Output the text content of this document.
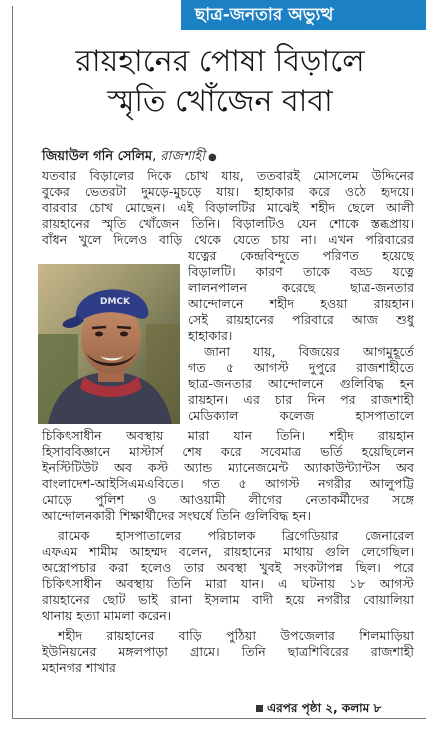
ছাত্র-জনতার অভ্যুত্থ
রায়হানের পোষা বিড়ালে
স্মৃতি খোঁজেন বাবা
জিয়াউল গনি সেলিম, রাজশাহী ●
DMCK
যতবার বিড়ালের দিকে চোখ যায়, ততবারই মোসলেম উদ্দিনের
বুকের ভেতরটা দুমড়ে-মুচড়ে যায়। হাহাকার করে ওঠে হৃদয়ে।
বারবার চোখ মোছেন। এই বিড়ালটির মাঝেই শহীদ ছেলে আলী
রায়হানের স্মৃতি খোঁজেন তিনি। বিড়ালটিও যেন শোকে স্তব্ধপ্রায়।
বাঁধন খুলে দিলেও বাড়ি থেকে যেতে চায় না। এখন পরিবারের
যত্নের কেন্দ্রবিন্দুতে পরিণত হয়েছে
বিড়ালটি। কারণ তাকে বড্ড যত্নে
লালনপালন করেছে ছাত্র-জনতার
আন্দোলনে শহীদ হওয়া রায়হান।
সেই রায়হানের পরিবারে আজ শুধু
হাহাকার।
জানা যায়, বিজয়ের আগমুহূর্তে
গত ৫ আগস্ট দুপুরে রাজশাহীতে
ছাত্র-জনতার আন্দোলনে গুলিবিদ্ধ হন
রায়হান। এর চার দিন পর রাজশাহী
মেডিক্যাল কলেজ হাসপাতালে
চিকিৎসাধীন অবস্থায় মারা যান তিনি। শহীদ রায়হান
হিসাববিজ্ঞানে মাস্টার্স শেষ করে সবেমাত্র ভর্তি হয়েছিলেন
ইনস্টিটিউট অব কস্ট অ্যান্ড ম্যানেজমেন্ট অ্যাকাউন্ট্যান্টস অব
বাংলাদেশ-আইসিএমএবিতে। গত ৫ আগস্ট নগরীর আলুপট্টি
মোড়ে পুলিশ ও আওয়ামী লীগের নেতাকর্মীদের সঙ্গে
আন্দোলনকারী শিক্ষার্থীদের সংঘর্ষে তিনি গুলিবিদ্ধ হন।
রামেক হাসপাতালের পরিচালক ব্রিগেডিয়ার জেনারেল
এফএম শামীম আহম্মদ বলেন, রায়হানের মাথায় গুলি লেগেছিল।
অস্ত্রোপচার করা হলেও তার অবস্থা খুবই সংকটাপন্ন ছিল। পরে
চিকিৎসাধীন অবস্থায় তিনি মারা যান। এ ঘটনায় ১৮ আগস্ট
রায়হানের ছোট ভাই রানা ইসলাম বাদী হয়ে নগরীর বোয়ালিয়া
থানায় হত্যা মামলা করেন।
শহীদ রায়হানের বাড়ি পুঠিয়া উপজেলার শিলমাড়িয়া
ইউনিয়নের মঙ্গলপাড়া গ্রামে। তিনি ছাত্রশিবিরের রাজশাহী
মহানগর শাখার
এরপর পৃষ্ঠা ২, কলাম ৮
